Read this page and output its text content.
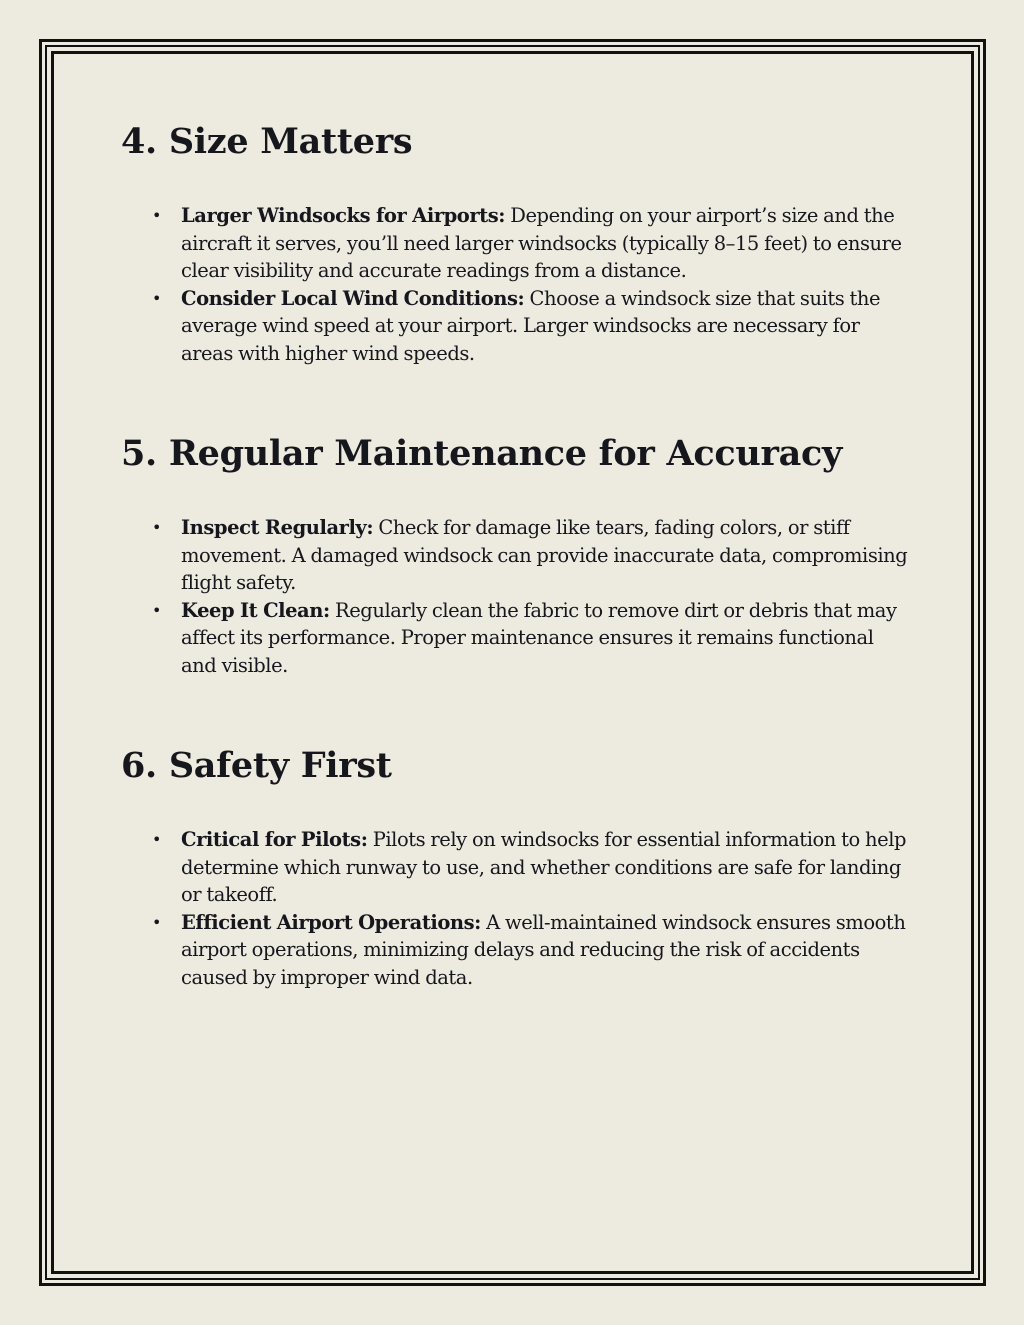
4. Size Matters
• Larger Windsocks for Airports: Depending on your airport’s size and the aircraft it serves, you’ll need larger windsocks (typically 8–15 feet) to ensure clear visibility and accurate readings from a distance.
• Consider Local Wind Conditions: Choose a windsock size that suits the average wind speed at your airport. Larger windsocks are necessary for areas with higher wind speeds.
5. Regular Maintenance for Accuracy
• Inspect Regularly: Check for damage like tears, fading colors, or stiff movement. A damaged windsock can provide inaccurate data, compromising flight safety.
• Keep It Clean: Regularly clean the fabric to remove dirt or debris that may affect its performance. Proper maintenance ensures it remains functional and visible.
6. Safety First
• Critical for Pilots: Pilots rely on windsocks for essential information to help determine which runway to use, and whether conditions are safe for landing or takeoff.
• Efficient Airport Operations: A well-maintained windsock ensures smooth airport operations, minimizing delays and reducing the risk of accidents caused by improper wind data.
